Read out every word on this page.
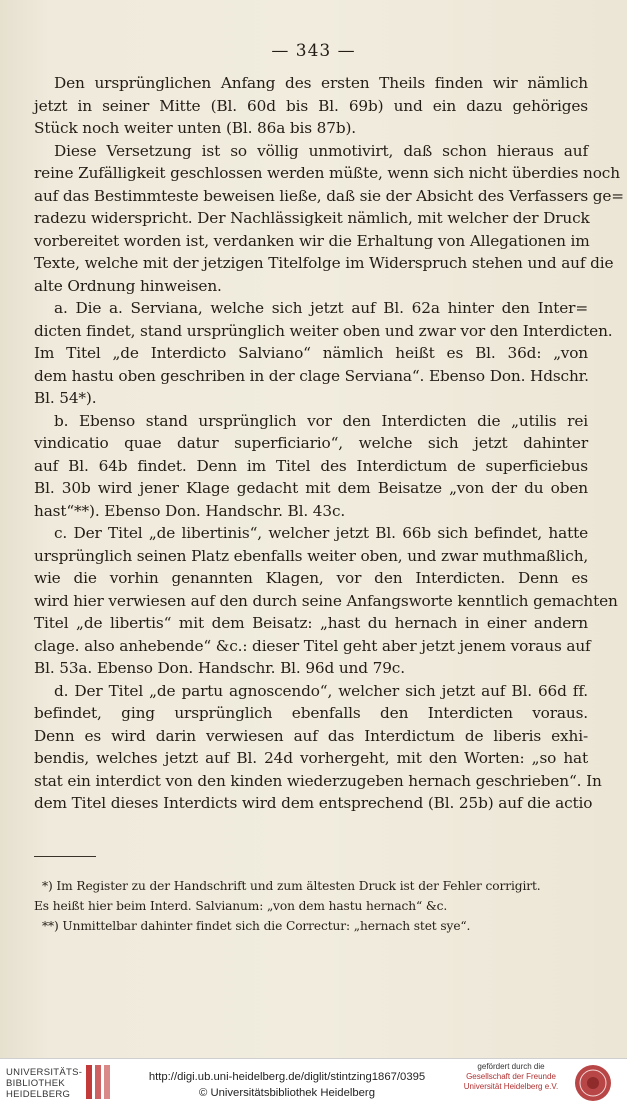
— 343 —
Den ursprünglichen Anfang des ersten Theils finden wir nämlich
jetzt in seiner Mitte (Bl. 60d bis Bl. 69b) und ein dazu gehöriges
Stück noch weiter unten (Bl. 86a bis 87b).
Diese Versetzung ist so völlig unmotivirt, daß schon hieraus auf
reine Zufälligkeit geschlossen werden müßte, wenn sich nicht überdies noch
auf das Bestimmteste beweisen ließe, daß sie der Absicht des Verfassers ge=
radezu widerspricht. Der Nachlässigkeit nämlich, mit welcher der Druck
vorbereitet worden ist, verdanken wir die Erhaltung von Allegationen im
Texte, welche mit der jetzigen Titelfolge im Widerspruch stehen und auf die
alte Ordnung hinweisen.
a. Die a. Serviana, welche sich jetzt auf Bl. 62a hinter den Inter=
dicten findet, stand ursprünglich weiter oben und zwar vor den Interdicten.
Im Titel „de Interdicto Salviano“ nämlich heißt es Bl. 36d: „von
dem hastu oben geschriben in der clage Serviana“. Ebenso Don. Hdschr.
Bl. 54*).
b. Ebenso stand ursprünglich vor den Interdicten die „utilis rei
vindicatio quae datur superficiario“, welche sich jetzt dahinter
auf Bl. 64b findet. Denn im Titel des Interdictum de superficiebus
Bl. 30b wird jener Klage gedacht mit dem Beisatze „von der du oben
hast“**). Ebenso Don. Handschr. Bl. 43c.
c. Der Titel „de libertinis“, welcher jetzt Bl. 66b sich befindet, hatte
ursprünglich seinen Platz ebenfalls weiter oben, und zwar muthmaßlich,
wie die vorhin genannten Klagen, vor den Interdicten. Denn es
wird hier verwiesen auf den durch seine Anfangsworte kenntlich gemachten
Titel „de libertis“ mit dem Beisatz: „hast du hernach in einer andern
clage. also anhebende“ &c.: dieser Titel geht aber jetzt jenem voraus auf
Bl. 53a. Ebenso Don. Handschr. Bl. 96d und 79c.
d. Der Titel „de partu agnoscendo“, welcher sich jetzt auf Bl. 66d ff.
befindet, ging ursprünglich ebenfalls den Interdicten voraus.
Denn es wird darin verwiesen auf das Interdictum de liberis exhi-
bendis, welches jetzt auf Bl. 24d vorhergeht, mit den Worten: „so hat
stat ein interdict von den kinden wiederzugeben hernach geschrieben“. In
dem Titel dieses Interdicts wird dem entsprechend (Bl. 25b) auf die actio
*) Im Register zu der Handschrift und zum ältesten Druck ist der Fehler corrigirt.
Es heißt hier beim Interd. Salvianum: „von dem hastu hernach“ &c.
**) Unmittelbar dahinter findet sich die Correctur: „hernach stet sye“.
UNIVERSITÄTS-
BIBLIOTHEK
HEIDELBERG
http://digi.ub.uni-heidelberg.de/diglit/stintzing1867/0395
© Universitätsbibliothek Heidelberg
gefördert durch die
Gesellschaft der Freunde
Universität Heidelberg e.V.
